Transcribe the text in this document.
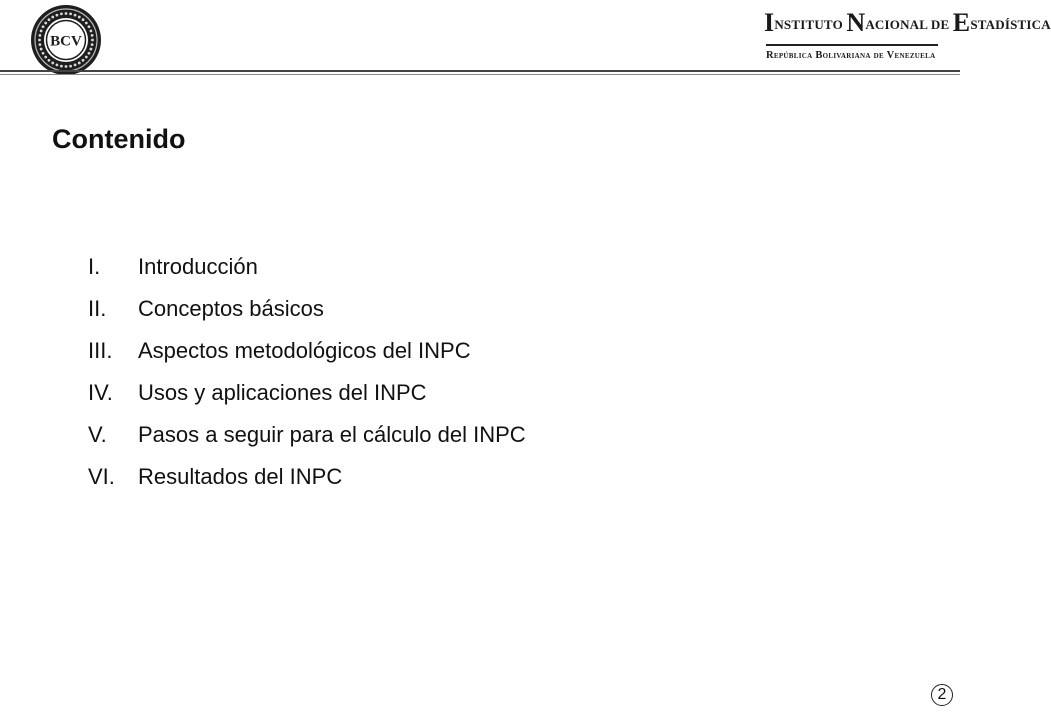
BCV
INSTITUTO NACIONAL DE ESTADÍSTICA
República Bolivariana de Venezuela
Contenido
I. Introducción
II. Conceptos básicos
III. Aspectos metodológicos del INPC
IV. Usos y aplicaciones del INPC
V. Pasos a seguir para el cálculo del INPC
VI. Resultados del INPC
2
